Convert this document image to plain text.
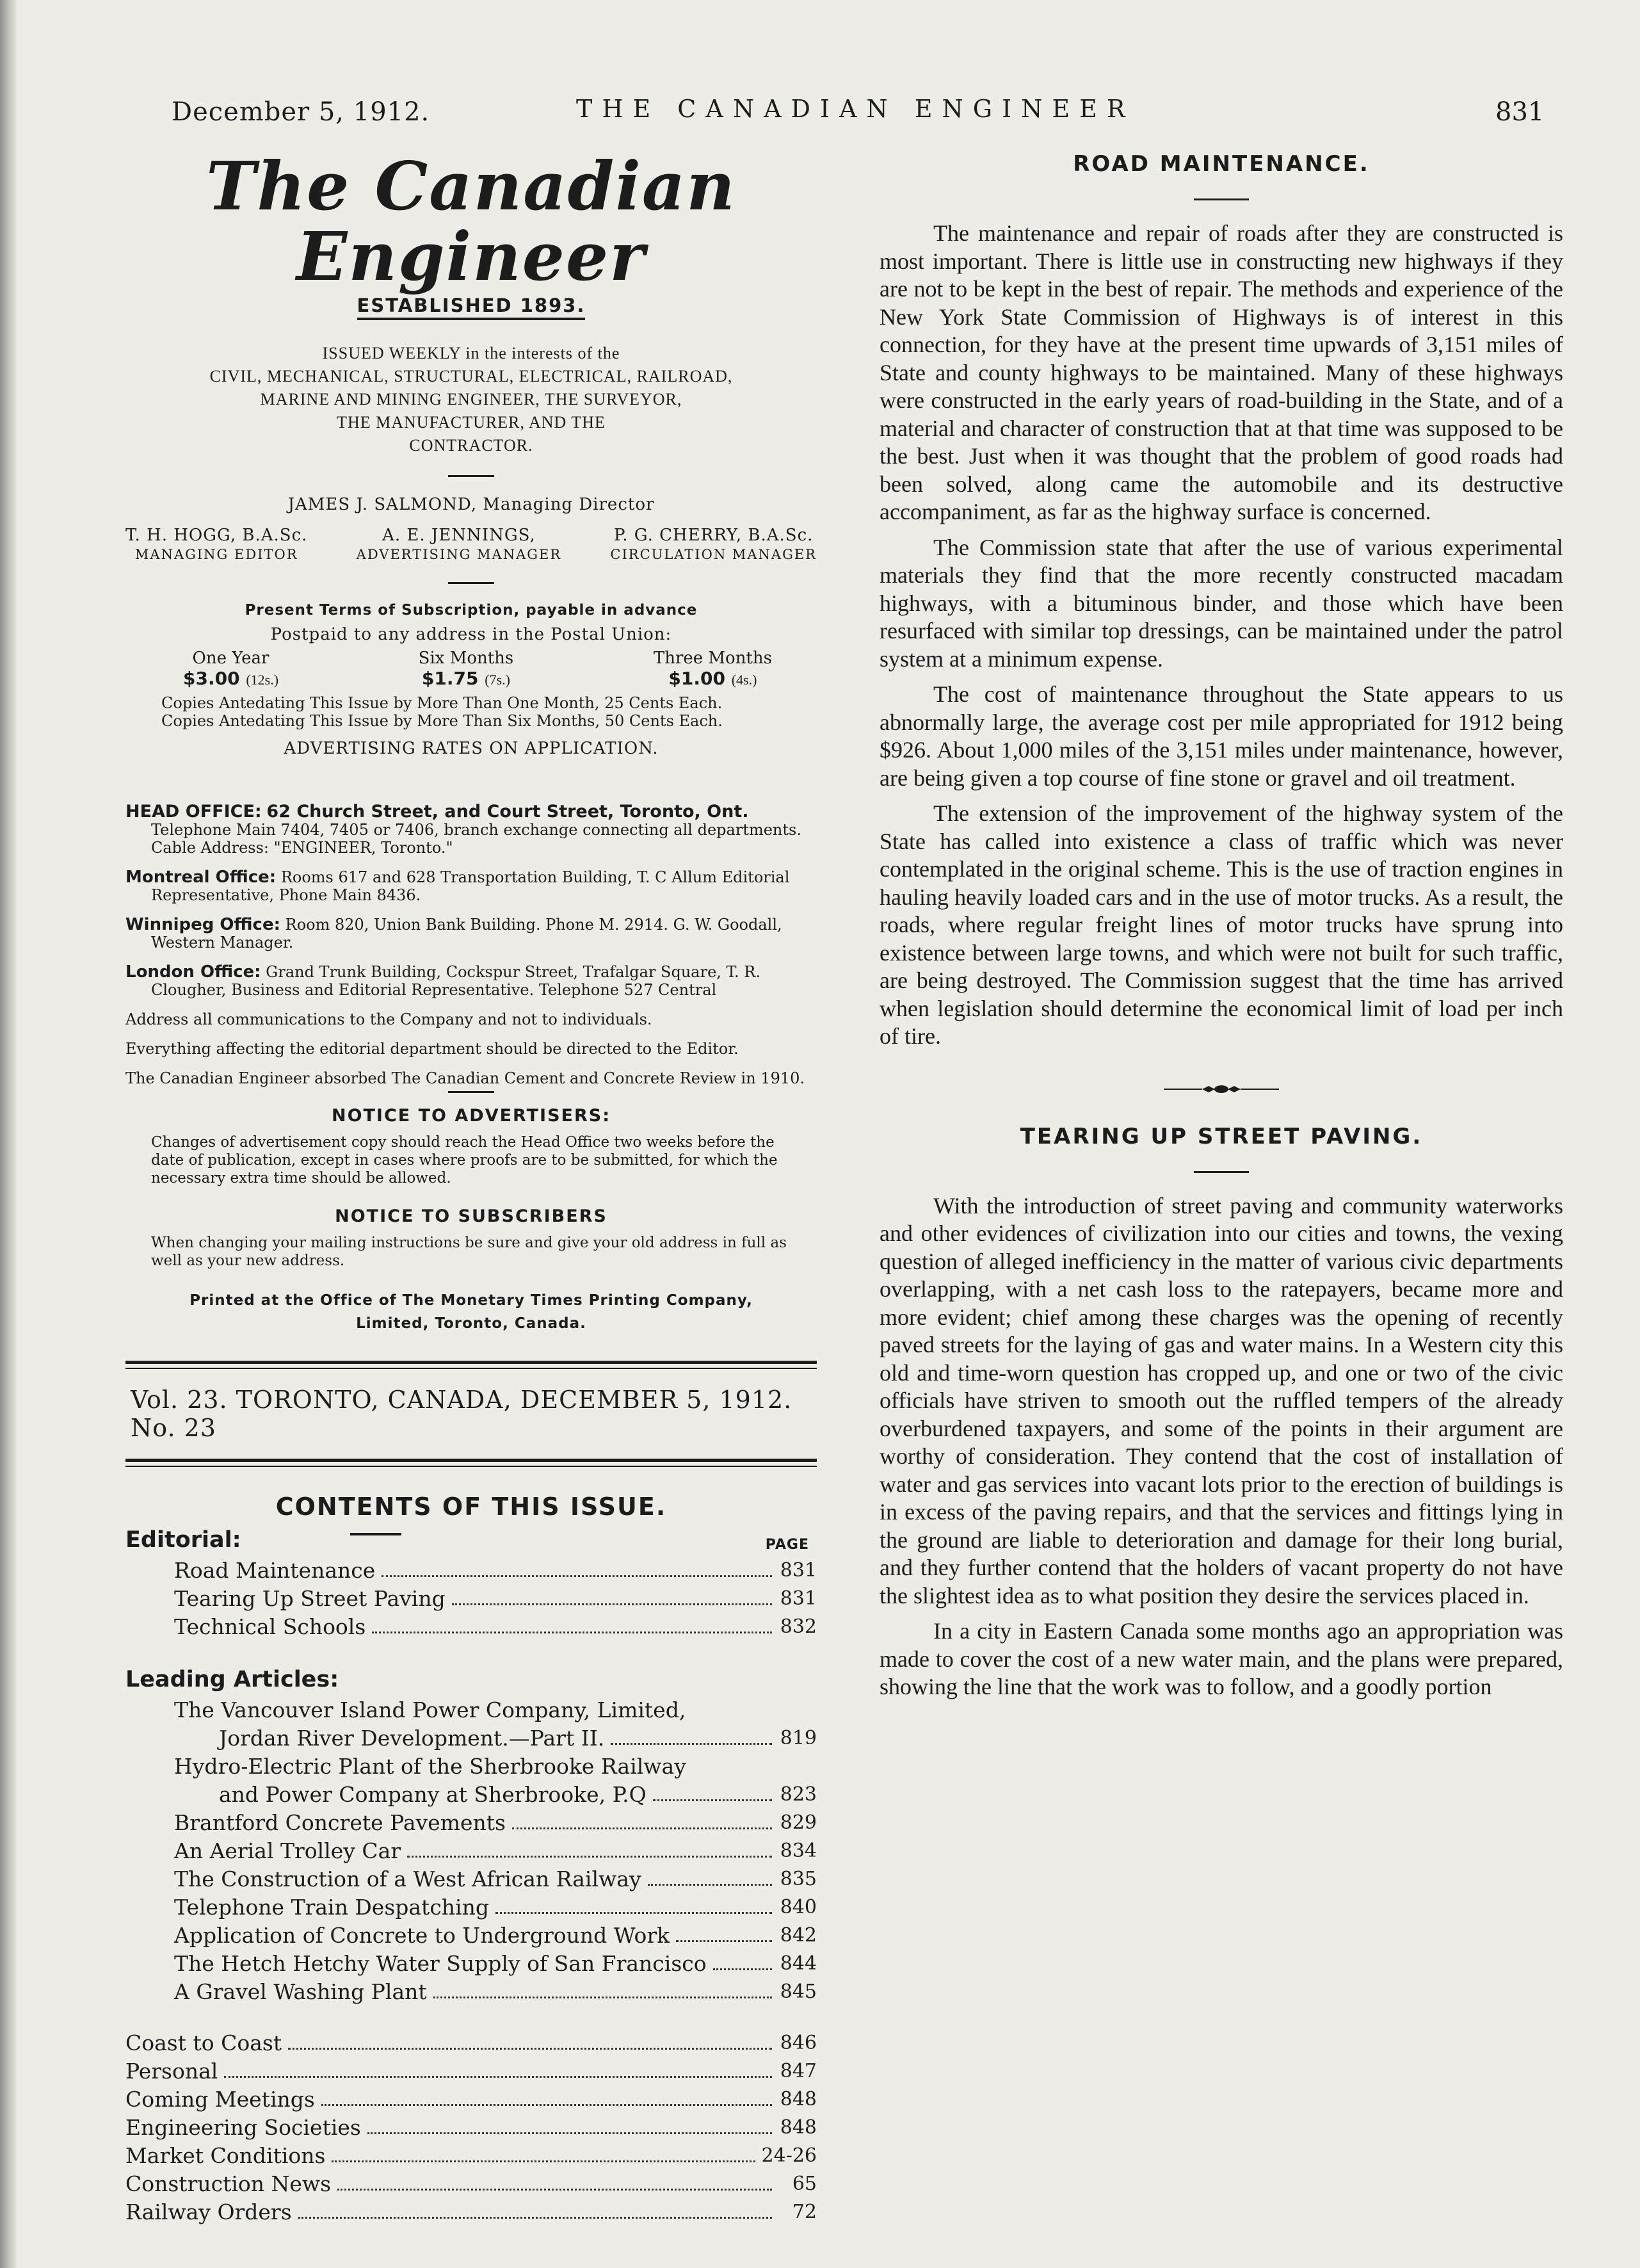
December 5, 1912.	THE CANADIAN ENGINEER	831
The Canadian Engineer
ESTABLISHED 1893.
ISSUED WEEKLY in the interests of the
CIVIL, MECHANICAL, STRUCTURAL, ELECTRICAL, RAILROAD,
MARINE AND MINING ENGINEER, THE SURVEYOR,
THE MANUFACTURER, AND THE
CONTRACTOR.
JAMES J. SALMOND, Managing Director
T. H. HOGG, B.A.Sc.
MANAGING EDITOR
A. E. JENNINGS,
ADVERTISING MANAGER
P. G. CHERRY, B.A.Sc.
CIRCULATION MANAGER
Present Terms of Subscription, payable in advance
Postpaid to any address in the Postal Union:
One Year
$3.00 (12s.)
Six Months
$1.75 (7s.)
Three Months
$1.00 (4s.)
Copies Antedating This Issue by More Than One Month, 25 Cents Each.
Copies Antedating This Issue by More Than Six Months, 50 Cents Each.
ADVERTISING RATES ON APPLICATION.
HEAD OFFICE: 62 Church Street, and Court Street, Toronto, Ont. Telephone Main 7404, 7405 or 7406, branch exchange connecting all departments. Cable Address: "ENGINEER, Toronto."
Montreal Office: Rooms 617 and 628 Transportation Building, T. C Allum Editorial Representative, Phone Main 8436.
Winnipeg Office: Room 820, Union Bank Building. Phone M. 2914. G. W. Goodall, Western Manager.
London Office: Grand Trunk Building, Cockspur Street, Trafalgar Square, T. R. Clougher, Business and Editorial Representative. Telephone 527 Central
Address all communications to the Company and not to individuals.
Everything affecting the editorial department should be directed to the Editor.
The Canadian Engineer absorbed The Canadian Cement and Concrete Review in 1910.
NOTICE TO ADVERTISERS:
Changes of advertisement copy should reach the Head Office two weeks before the date of publication, except in cases where proofs are to be submitted, for which the necessary extra time should be allowed.
NOTICE TO SUBSCRIBERS
When changing your mailing instructions be sure and give your old address in full as well as your new address.
Printed at the Office of The Monetary Times Printing Company,
Limited, Toronto, Canada.
Vol. 23. TORONTO, CANADA, DECEMBER 5, 1912. No. 23
CONTENTS OF THIS ISSUE.
Editorial:	PAGE
Road Maintenance	831
Tearing Up Street Paving	831
Technical Schools	832
Leading Articles:
The Vancouver Island Power Company, Limited,
Jordan River Development.—Part II.	819
Hydro-Electric Plant of the Sherbrooke Railway
and Power Company at Sherbrooke, P.Q	823
Brantford Concrete Pavements	829
An Aerial Trolley Car	834
The Construction of a West African Railway	835
Telephone Train Despatching	840
Application of Concrete to Underground Work	842
The Hetch Hetchy Water Supply of San Francisco	844
A Gravel Washing Plant	845
Coast to Coast	846
Personal	847
Coming Meetings	848
Engineering Societies	848
Market Conditions	24-26
Construction News	65
Railway Orders	72
ROAD MAINTENANCE.

The maintenance and repair of roads after they are constructed is most important. There is little use in constructing new highways if they are not to be kept in the best of repair. The methods and experience of the New York State Commission of Highways is of interest in this connection, for they have at the present time upwards of 3,151 miles of State and county highways to be maintained. Many of these highways were constructed in the early years of road-building in the State, and of a material and character of construction that at that time was supposed to be the best. Just when it was thought that the problem of good roads had been solved, along came the automobile and its destructive accompaniment, as far as the highway surface is concerned.

The Commission state that after the use of various experimental materials they find that the more recently constructed macadam highways, with a bituminous binder, and those which have been resurfaced with similar top dressings, can be maintained under the patrol system at a minimum expense.

The cost of maintenance throughout the State appears to us abnormally large, the average cost per mile appropriated for 1912 being $926. About 1,000 miles of the 3,151 miles under maintenance, however, are being given a top course of fine stone or gravel and oil treatment.

The extension of the improvement of the highway system of the State has called into existence a class of traffic which was never contemplated in the original scheme. This is the use of traction engines in hauling heavily loaded cars and in the use of motor trucks. As a result, the roads, where regular freight lines of motor trucks have sprung into existence between large towns, and which were not built for such traffic, are being destroyed. The Commission suggest that the time has arrived when legislation should determine the economical limit of load per inch of tire.

TEARING UP STREET PAVING.

With the introduction of street paving and community waterworks and other evidences of civilization into our cities and towns, the vexing question of alleged inefficiency in the matter of various civic departments overlapping, with a net cash loss to the ratepayers, became more and more evident; chief among these charges was the opening of recently paved streets for the laying of gas and water mains. In a Western city this old and time-worn question has cropped up, and one or two of the civic officials have striven to smooth out the ruffled tempers of the already overburdened taxpayers, and some of the points in their argument are worthy of consideration. They contend that the cost of installation of water and gas services into vacant lots prior to the erection of buildings is in excess of the paving repairs, and that the services and fittings lying in the ground are liable to deterioration and damage for their long burial, and they further contend that the holders of vacant property do not have the slightest idea as to what position they desire the services placed in.

In a city in Eastern Canada some months ago an appropriation was made to cover the cost of a new water main, and the plans were prepared, showing the line that the work was to follow, and a goodly portion
